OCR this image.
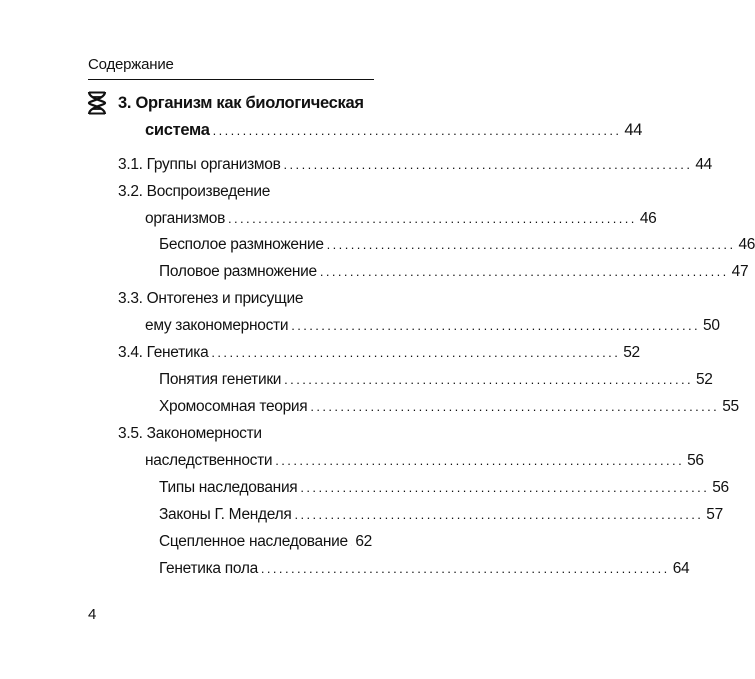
Содержание
3. Организм как биологическая
система .................................................................... 44
3.1. Группы организмов .................................................................... 44
3.2. Воспроизведение
организмов .................................................................... 46
Бесполое размножение .................................................................... 46
Половое размножение .................................................................... 47
3.3. Онтогенез и присущие
ему закономерности .................................................................... 50
3.4. Генетика .................................................................... 52
Понятия генетики .................................................................... 52
Хромосомная теория .................................................................... 55
3.5. Закономерности
наследственности .................................................................... 56
Типы наследования .................................................................... 56
Законы Г. Менделя .................................................................... 57
Сцепленное наследование 62
Генетика пола .................................................................... 64
4
